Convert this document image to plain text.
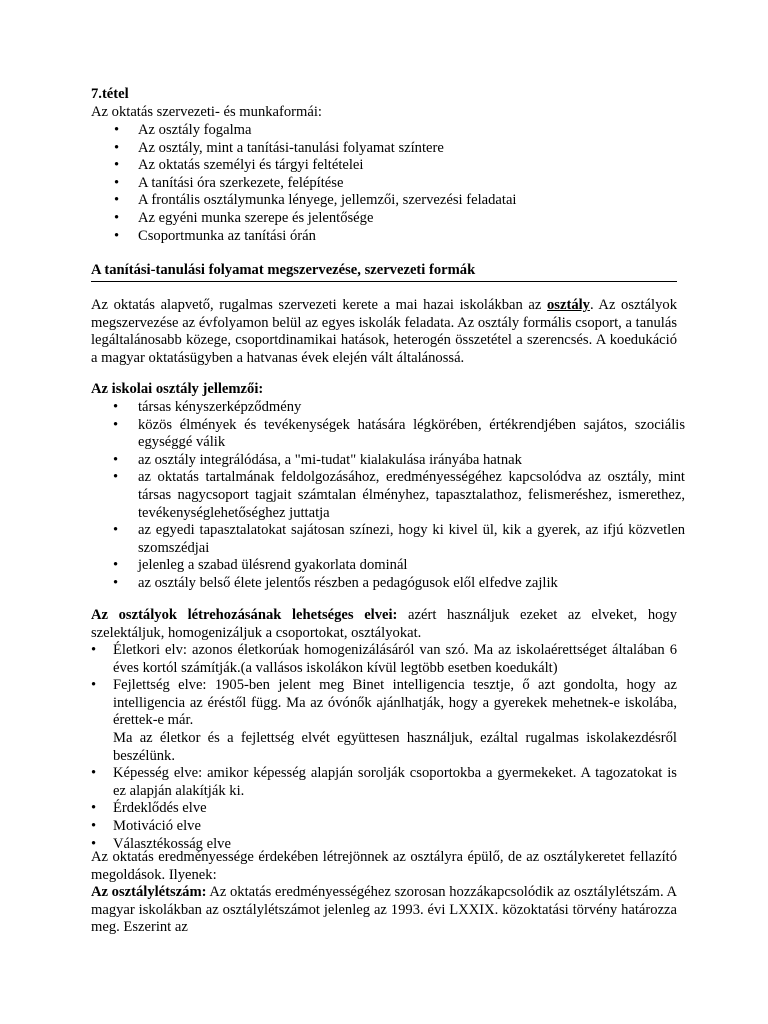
7.tétel
Az oktatás szervezeti- és munkaformái:
• Az osztály fogalma
• Az osztály, mint a tanítási-tanulási folyamat színtere
• Az oktatás személyi és tárgyi feltételei
• A tanítási óra szerkezete, felépítése
• A frontális osztálymunka lényege, jellemzői, szervezési feladatai
• Az egyéni munka szerepe és jelentősége
• Csoportmunka az tanítási órán
A tanítási-tanulási folyamat megszervezése, szervezeti formák

Az oktatás alapvető, rugalmas szervezeti kerete a mai hazai iskolákban az osztály. Az osztályok megszervezése az évfolyamon belül az egyes iskolák feladata. Az osztály formális csoport, a tanulás legáltalánosabb közege, csoportdinamikai hatások, heterogén összetétel a szerencsés. A koedukáció a magyar oktatásügyben a hatvanas évek elején vált általánossá.

Az iskolai osztály jellemzői:
• társas kényszerképződmény
• közös élmények és tevékenységek hatására légkörében, értékrendjében sajátos, szociális egységgé válik
• az osztály integrálódása, a "mi-tudat" kialakulása irányába hatnak
• az oktatás tartalmának feldolgozásához, eredményességéhez kapcsolódva az osztály, mint társas nagycsoport tagjait számtalan élményhez, tapasztalathoz, felismeréshez, ismerethez, tevékenységlehetőséghez juttatja
• az egyedi tapasztalatokat sajátosan színezi, hogy ki kivel ül, kik a gyerek, az ifjú közvetlen szomszédjai
• jelenleg a szabad ülésrend gyakorlata dominál
• az osztály belső élete jelentős részben a pedagógusok elől elfedve zajlik

Az osztályok létrehozásának lehetséges elvei: azért használjuk ezeket az elveket, hogy szelektáljuk, homogenizáljuk a csoportokat, osztályokat.

• Életkori elv: azonos életkorúak homogenizálásáról van szó. Ma az iskolaérettséget általában 6 éves kortól számítják.(a vallásos iskolákon kívül legtöbb esetben koedukált)
• Fejlettség elve: 1905-ben jelent meg Binet intelligencia tesztje, ő azt gondolta, hogy az intelligencia az éréstől függ. Ma az óvónők ajánlhatják, hogy a gyerekek mehetnek-e iskolába, érettek-e már.
Ma az életkor és a fejlettség elvét együttesen használjuk, ezáltal rugalmas iskolakezdésről beszélünk.
• Képesség elve: amikor képesség alapján sorolják csoportokba a gyermekeket. A tagozatokat is ez alapján alakítják ki.
• Érdeklődés elve
• Motiváció elve
• Választékosság elve

Az oktatás eredményessége érdekében létrejönnek az osztályra épülő, de az osztálykeretet fellazító megoldások. Ilyenek:

Az osztálylétszám: Az oktatás eredményességéhez szorosan hozzákapcsolódik az osztálylétszám. A magyar iskolákban az osztálylétszámot jelenleg az 1993. évi LXXIX. közoktatási törvény határozza meg. Eszerint az
